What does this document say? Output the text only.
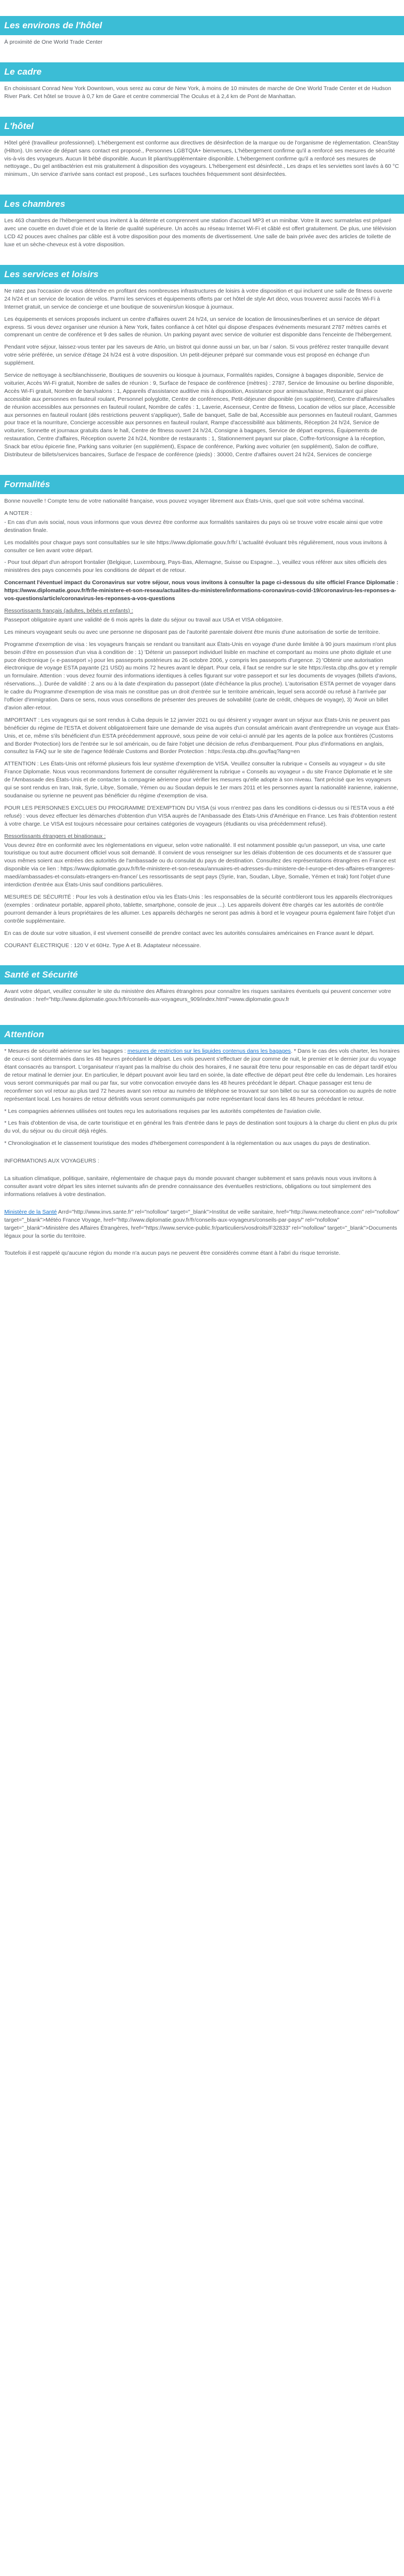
Les environs de l'hôtel

À proximité de One World Trade Center

Le cadre

En choisissant Conrad New York Downtown, vous serez au cœur de New York, à moins de 10 minutes de marche de One World Trade Center et de Hudson River Park. Cet hôtel se trouve à 0,7 km de Gare et centre commercial The Oculus et à 2,4 km de Pont de Manhattan.

L'hôtel

Hôtel géré (travailleur professionnel). L'hébergement est conforme aux directives de désinfection de la marque ou de l'organisme de réglementation. CleanStay (Hilton). Un service de départ sans contact est proposé., Personnes LGBTQIA+ bienvenues, L'hébergement confirme qu'il a renforcé ses mesures de sécurité vis-à-vis des voyageurs. Aucun lit bébé disponible. Aucun lit pliant/supplémentaire disponible. L'hébergement confirme qu'il a renforcé ses mesures de nettoyage., Du gel antibactérien est mis gratuitement à disposition des voyageurs. L'hébergement est désinfecté., Les draps et les serviettes sont lavés à 60 °C minimum., Un service d'arrivée sans contact est proposé., Les surfaces touchées fréquemment sont désinfectées.

Les chambres

Les 463 chambres de l'hébergement vous invitent à la détente et comprennent une station d'accueil MP3 et un minibar. Votre lit avec surmatelas est préparé avec une couette en duvet d'oie et de la literie de qualité supérieure. Un accès au réseau Internet Wi-Fi et câblé est offert gratuitement. De plus, une télévision LCD 42 pouces avec chaînes par câble est à votre disposition pour des moments de divertissement. Une salle de bain privée avec des articles de toilette de luxe et un sèche-cheveux est à votre disposition.

Les services et loisirs

Ne ratez pas l'occasion de vous détendre en profitant des nombreuses infrastructures de loisirs à votre disposition et qui incluent une salle de fitness ouverte 24 h/24 et un service de location de vélos. Parmi les services et équipements offerts par cet hôtel de style Art déco, vous trouverez aussi l'accès Wi-Fi à Internet gratuit, un service de concierge et une boutique de souvenirs/un kiosque à journaux.

Les équipements et services proposés incluent un centre d'affaires ouvert 24 h/24, un service de location de limousines/berlines et un service de départ express. Si vous devez organiser une réunion à New York, faites confiance à cet hôtel qui dispose d'espaces événements mesurant 2787 mètres carrés et comprenant un centre de conférence et 9 des salles de réunion. Un parking payant avec service de voiturier est disponible dans l'enceinte de l'hébergement.

Pendant votre séjour, laissez-vous tenter par les saveurs de Atrio, un bistrot qui donne aussi un bar, un bar / salon. Si vous préférez rester tranquille devant votre série préférée, un service d'étage 24 h/24 est à votre disposition. Un petit-déjeuner préparé sur commande vous est proposé en échange d'un supplément.

Service de nettoyage à sec/blanchisserie, Boutiques de souvenirs ou kiosque à journaux, Formalités rapides, Consigne à bagages disponible, Service de voiturier, Accès Wi-Fi gratuit, Nombre de salles de réunion : 9, Surface de l'espace de conférence (mètres) : 2787, Service de limousine ou berline disponible, Accès Wi-Fi gratuit, Nombre de bars/salons : 1, Appareils d'assistance auditive mis à disposition, Assistance pour animaux/laisse, Restaurant qui place accessible aux personnes en fauteuil roulant, Personnel polyglotte, Centre de conférences, Petit-déjeuner disponible (en supplément), Centre d'affaires/salles de réunion accessibles aux personnes en fauteuil roulant, Nombre de cafés : 1, Laverie, Ascenseur, Centre de fitness, Location de vélos sur place, Accessible aux personnes en fauteuil roulant (dès restrictions peuvent s'appliquer), Salle de banquet, Salle de bal, Accessible aux personnes en fauteuil roulant, Gammes pour trace et la nourriture, Concierge accessible aux personnes en fauteuil roulant, Rampe d'accessibilité aux bâtiments, Réception 24 h/24, Service de voiturier, Sonnette et journaux gratuits dans le hall, Centre de fitness ouvert 24 h/24, Consigne à bagages, Service de départ express, Équipements de restauration, Centre d'affaires, Réception ouverte 24 h/24, Nombre de restaurants : 1, Stationnement payant sur place, Coffre-fort/consigne à la réception, Snack bar et/ou épicerie fine, Parking sans voiturier (en supplément), Espace de conférence, Parking avec voiturier (en supplément), Salon de coiffure, Distributeur de billets/services bancaires, Surface de l'espace de conférence (pieds) : 30000, Centre d'affaires ouvert 24 h/24, Services de concierge

Formalités

Bonne nouvelle ! Compte tenu de votre nationalité française, vous pouvez voyager librement aux États-Unis, quel que soit votre schéma vaccinal.

A NOTER :

- En cas d'un avis social, nous vous informons que vous devrez être conforme aux formalités sanitaires du pays où se trouve votre escale ainsi que votre destination finale.

Les modalités pour chaque pays sont consultables sur le site https://www.diplomatie.gouv.fr/fr/ L'actualité évoluant très régulièrement, nous vous invitons à consulter ce lien avant votre départ.

- Pour tout départ d'un aéroport frontalier (Belgique, Luxembourg, Pays-Bas, Allemagne, Suisse ou Espagne...), veuillez vous référer aux sites officiels des ministères des pays concernés pour les conditions de départ et de retour.

Concernant l'éventuel impact du Coronavirus sur votre séjour, nous vous invitons à consulter la page ci-dessous du site officiel France Diplomatie : https://www.diplomatie.gouv.fr/fr/le-ministere-et-son-reseau/actualites-du-ministere/informations-coronavirus-covid-19/coronavirus-les-reponses-a-vos-questions/article/coronavirus-les-reponses-a-vos-questions

Ressortissants français (adultes, bébés et enfants) :

Passeport obligatoire ayant une validité de 6 mois après la date du séjour ou travail aux USA et VISA obligatoire.

Les mineurs voyageant seuls ou avec une personne ne disposant pas de l'autorité parentale doivent être munis d'une autorisation de sortie de territoire.

Programme d'exemption de visa : les voyageurs français se rendant ou transitant aux États-Unis en voyage d'une durée limitée à 90 jours maximum n'ont plus besoin d'être en possession d'un visa à condition de : 1) 'Détenir un passeport individuel lisible en machine et comportant au moins une photo digitale et une puce électronique (« e-passeport ») pour les passeports postérieurs au 26 octobre 2006, y compris les passeports d'urgence. 2) 'Obtenir une autorisation électronique de voyage ESTA payante (21 USD) au moins 72 heures avant le départ. Pour cela, il faut se rendre sur le site https://esta.cbp.dhs.gov et y remplir un formulaire. Attention : vous devez fournir des informations identiques à celles figurant sur votre passeport et sur les documents de voyages (billets d'avions, réservations...). Durée de validité : 2 ans ou à la date d'expiration du passeport (date d'échéance la plus proche). L'autorisation ESTA permet de voyager dans le cadre du Programme d'exemption de visa mais ne constitue pas un droit d'entrée sur le territoire américain, lequel sera accordé ou refusé à l'arrivée par l'officier d'immigration. Dans ce sens, nous vous conseillons de présenter des preuves de solvabilité (carte de crédit, chèques de voyage), 3) 'Avoir un billet d'avion aller-retour.

IMPORTANT : Les voyageurs qui se sont rendus à Cuba depuis le 12 janvier 2021 ou qui désirent y voyager avant un séjour aux États-Unis ne peuvent pas bénéficier du régime de l'ESTA et doivent obligatoirement faire une demande de visa auprès d'un consulat américain avant d'entreprendre un voyage aux États-Unis, et ce, même s'ils bénéficient d'un ESTA précédemment approuvé, sous peine de voir celui-ci annulé par les agents de la police aux frontières (Customs and Border Protection) lors de l'entrée sur le sol américain, ou de faire l'objet une décision de refus d'embarquement. Pour plus d'informations en anglais, consultez la FAQ sur le site de l'agence fédérale Customs and Border Protection : https://esta.cbp.dhs.gov/faq?lang=en

ATTENTION : Les États-Unis ont réformé plusieurs fois leur système d'exemption de VISA. Veuillez consulter la rubrique « Conseils au voyageur » du site France Diplomatie. Nous vous recommandons fortement de consulter régulièrement la rubrique « Conseils au voyageur » du site France Diplomatie et le site de l'Ambassade des États-Unis et de contacter la compagnie aérienne pour vérifier les mesures qu'elle adopte à son niveau. Tant précisé que les voyageurs qui se sont rendus en Iran, Irak, Syrie, Libye, Somalie, Yémen ou au Soudan depuis le 1er mars 2011 et les personnes ayant la nationalité iranienne, irakienne, soudanaise ou syrienne ne peuvent pas bénéficier du régime d'exemption de visa.

POUR LES PERSONNES EXCLUES DU PROGRAMME D'EXEMPTION DU VISA (si vous n'entrez pas dans les conditions ci-dessus ou si l'ESTA vous a été refusé) : vous devez effectuer les démarches d'obtention d'un VISA auprès de l'Ambassade des États-Unis d'Amérique en France. Les frais d'obtention restent à votre charge. Le VISA est toujours nécessaire pour certaines catégories de voyageurs (étudiants ou visa précédemment refusé).

Ressortissants étrangers et binationaux :

Vous devrez être en conformité avec les réglementations en vigueur, selon votre nationalité. Il est notamment possible qu'un passeport, un visa, une carte touristique ou tout autre document officiel vous soit demandé. Il convient de vous renseigner sur les délais d'obtention de ces documents et de s'assurer que vous mêmes soient aux entrées des autorités de l'ambassade ou du consulat du pays de destination. Consultez des représentations étrangères en France est disponible via ce lien : https://www.diplomatie.gouv.fr/fr/le-ministere-et-son-reseau/annuaires-et-adresses-du-ministere-de-l-europe-et-des-affaires-etrangeres-maedi/ambassades-et-consulats-etrangers-en-france/ Les ressortissants de sept pays (Syrie, Iran, Soudan, Libye, Somalie, Yémen et Irak) font l'objet d'une interdiction d'entrée aux États-Unis sauf conditions particulières.

MESURES DE SÉCURITÉ : Pour les vols à destination et/ou via les États-Unis : les responsables de la sécurité contrôleront tous les appareils électroniques (exemples : ordinateur portable, appareil photo, tablette, smartphone, console de jeux ...). Les appareils doivent être chargés car les autorités de contrôle pourront demander à leurs propriétaires de les allumer. Les appareils déchargés ne seront pas admis à bord et le voyageur pourra également faire l'objet d'un contrôle supplémentaire.

En cas de doute sur votre situation, il est vivement conseillé de prendre contact avec les autorités consulaires américaines en France avant le départ.

COURANT ÉLECTRIQUE : 120 V et 60Hz. Type A et B. Adaptateur nécessaire.

Santé et Sécurité

Avant votre départ, veuillez consulter le site du ministère des Affaires étrangères pour connaître les risques sanitaires éventuels qui peuvent concerner votre destination : href="http://www.diplomatie.gouv.fr/fr/conseils-aux-voyageurs_909/index.html">www.diplomatie.gouv.fr

Attention

* Mesures de sécurité aérienne sur les bagages : mesures de restriction sur les liquides contenus dans les bagages. * Dans le cas des vols charter, les horaires de ceux-ci sont déterminés dans les 48 heures précédant le départ. Les vols peuvent s'effectuer de jour comme de nuit, le premier et le dernier jour du voyage étant consacrés au transport. L'organisateur n'ayant pas la maîtrise du choix des horaires, il ne saurait être tenu pour responsable en cas de départ tardif et/ou de retour matinal le dernier jour. En particulier, le départ pouvant avoir lieu tard en soirée, la date effective de départ peut être celle du lendemain. Les horaires vous seront communiqués par mail ou par fax, sur votre convocation envoyée dans les 48 heures précédant le départ. Chaque passager est tenu de reconfirmer son vol retour au plus tard 72 heures avant son retour au numéro de téléphone se trouvant sur son billet ou sur sa convocation ou auprès de notre représentant local. Les horaires de retour définitifs vous seront communiqués par notre représentant local dans les 48 heures précédant le retour.

* Les compagnies aériennes utilisées ont toutes reçu les autorisations requises par les autorités compétentes de l'aviation civile.

* Les frais d'obtention de visa, de carte touristique et en général les frais d'entrée dans le pays de destination sont toujours à la charge du client en plus du prix du vol, du séjour ou du circuit déjà réglés.

* Chronologisation et le classement touristique des modes d'hébergement correspondent à la réglementation ou aux usages du pays de destination.

INFORMATIONS AUX VOYAGEURS :

La situation climatique, politique, sanitaire, réglementaire de chaque pays du monde pouvant changer subitement et sans préavis nous vous invitons à consulter avant votre départ les sites internet suivants afin de prendre connaissance des éventuelles restrictions, obligations ou tout simplement des informations relatives à votre destination.

Ministère de la Santé Arrd="http://www.invs.sante.fr" rel="nofollow" target="_blank">Institut de veille sanitaire, href="http://www.meteofrance.com" rel="nofollow" target="_blank">Météo France Voyage, href="http://www.diplomatie.gouv.fr/fr/conseils-aux-voyageurs/conseils-par-pays/" rel="nofollow" target="_blank">Ministère des Affaires Étrangères, href="https://www.service-public.fr/particuliers/vosdroits/F32833" rel="nofollow" target="_blank">Documents légaux pour la sortie du territoire.

Toutefois il est rappelé qu'aucune région du monde n'a aucun pays ne peuvent être considérés comme étant à l'abri du risque terroriste.
